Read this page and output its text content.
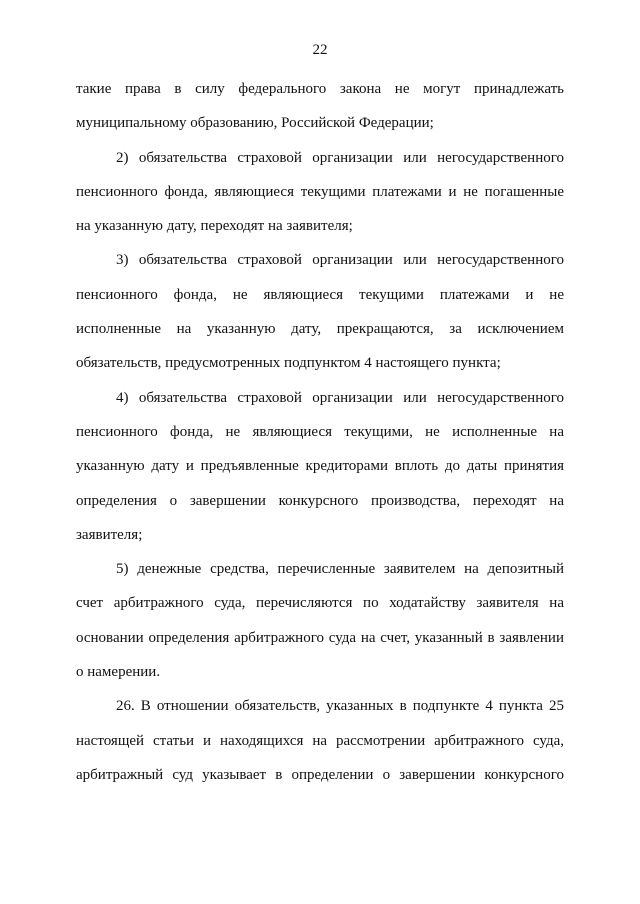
22
такие права в силу федерального закона не могут принадлежать
муниципальному образованию, Российской Федерации;
2) обязательства страховой организации или негосударственного
пенсионного фонда, являющиеся текущими платежами и не погашенные
на указанную дату, переходят на заявителя;
3) обязательства страховой организации или негосударственного
пенсионного фонда, не являющиеся текущими платежами и не
исполненные на указанную дату, прекращаются, за исключением
обязательств, предусмотренных подпунктом 4 настоящего пункта;
4) обязательства страховой организации или негосударственного
пенсионного фонда, не являющиеся текущими, не исполненные на
указанную дату и предъявленные кредиторами вплоть до даты принятия
определения о завершении конкурсного производства, переходят на
заявителя;
5) денежные средства, перечисленные заявителем на депозитный
счет арбитражного суда, перечисляются по ходатайству заявителя на
основании определения арбитражного суда на счет, указанный в заявлении
о намерении.
26. В отношении обязательств, указанных в подпункте 4 пункта 25
настоящей статьи и находящихся на рассмотрении арбитражного суда,
арбитражный суд указывает в определении о завершении конкурсного
